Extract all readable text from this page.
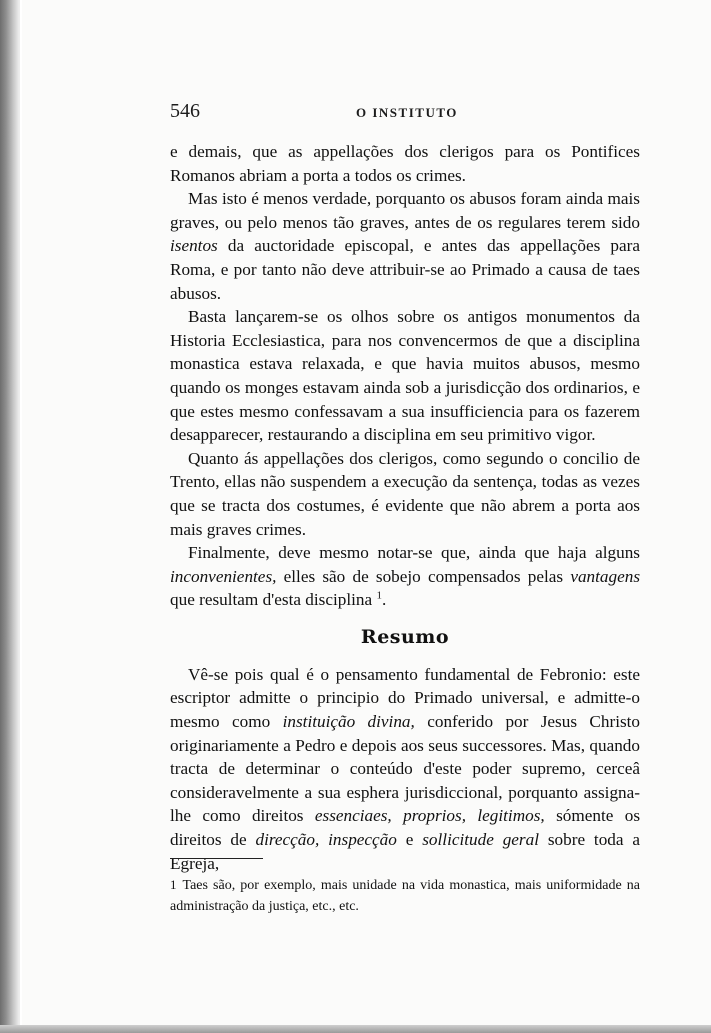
546	O INSTITUTO

e demais, que as appellações dos clerigos para os Pontifices Romanos abriam a porta a todos os crimes.

Mas isto é menos verdade, porquanto os abusos foram ainda mais graves, ou pelo menos tão graves, antes de os regulares terem sido isentos da auctoridade episcopal, e antes das appellações para Roma, e por tanto não deve attribuir-se ao Primado a causa de taes abusos.

Basta lançarem-se os olhos sobre os antigos monumentos da Historia Ecclesiastica, para nos convencermos de que a disciplina monastica estava relaxada, e que havia muitos abusos, mesmo quando os monges estavam ainda sob a jurisdicção dos ordinarios, e que estes mesmo confessavam a sua insufficiencia para os fazerem desapparecer, restaurando a disciplina em seu primitivo vigor.

Quanto ás appellações dos clerigos, como segundo o concilio de Trento, ellas não suspendem a execução da sentença, todas as vezes que se tracta dos costumes, é evidente que não abrem a porta aos mais graves crimes.

Finalmente, deve mesmo notar-se que, ainda que haja alguns inconvenientes, elles são de sobejo compensados pelas vantagens que resultam d'esta disciplina $^1$.

Resumo

Vê-se pois qual é o pensamento fundamental de Febronio: este escriptor admitte o principio do Primado universal, e admitte-o mesmo como instituição divina, conferido por Jesus Christo originariamente a Pedro e depois aos seus successores. Mas, quando tracta de determinar o conteúdo d'este poder supremo, cerceâ consideravelmente a sua esphera jurisdiccional, porquanto assigna-lhe como direitos essenciaes, proprios, legitimos, sómente os direitos de direcção, inspecção e sollicitude geral sobre toda a Egreja,

1 Taes são, por exemplo, mais unidade na vida monastica, mais uniformidade na administração da justiça, etc., etc.
